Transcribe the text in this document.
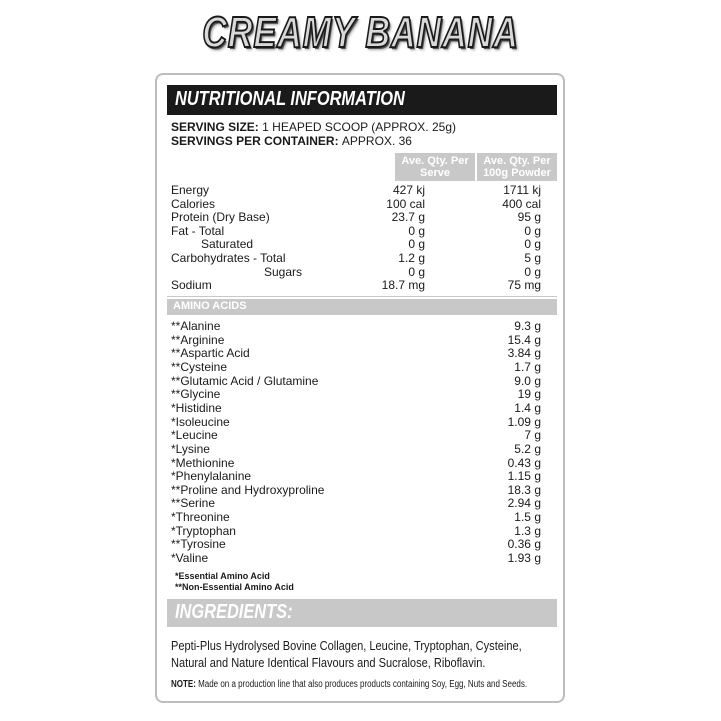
CREAMY BANANA
NUTRITIONAL INFORMATION
SERVING SIZE: 1 HEAPED SCOOP (APPROX. 25g)
SERVINGS PER CONTAINER: APPROX. 36
Ave. Qty. Per Serve
Ave. Qty. Per 100g Powder
Energy	427 kj	1711 kj
Calories	100 cal	400 cal
Protein (Dry Base)	23.7 g	95 g
Fat - Total	0 g	0 g
Saturated	0 g	0 g
Carbohydrates - Total	1.2 g	5 g
Sugars	0 g	0 g
Sodium	18.7 mg	75 mg
AMINO ACIDS
**Alanine	9.3 g
**Arginine	15.4 g
**Aspartic Acid	3.84 g
**Cysteine	1.7 g
**Glutamic Acid / Glutamine	9.0 g
**Glycine	19 g
*Histidine	1.4 g
*Isoleucine	1.09 g
*Leucine	7 g
*Lysine	5.2 g
*Methionine	0.43 g
*Phenylalanine	1.15 g
**Proline and Hydroxyproline	18.3 g
**Serine	2.94 g
*Threonine	1.5 g
*Tryptophan	1.3 g
**Tyrosine	0.36 g
*Valine	1.93 g
*Essential Amino Acid
**Non-Essential Amino Acid
INGREDIENTS:
Pepti-Plus Hydrolysed Bovine Collagen, Leucine, Tryptophan, Cysteine,
Natural and Nature Identical Flavours and Sucralose, Riboflavin.
NOTE: Made on a production line that also produces products containing Soy, Egg, Nuts and Seeds.
